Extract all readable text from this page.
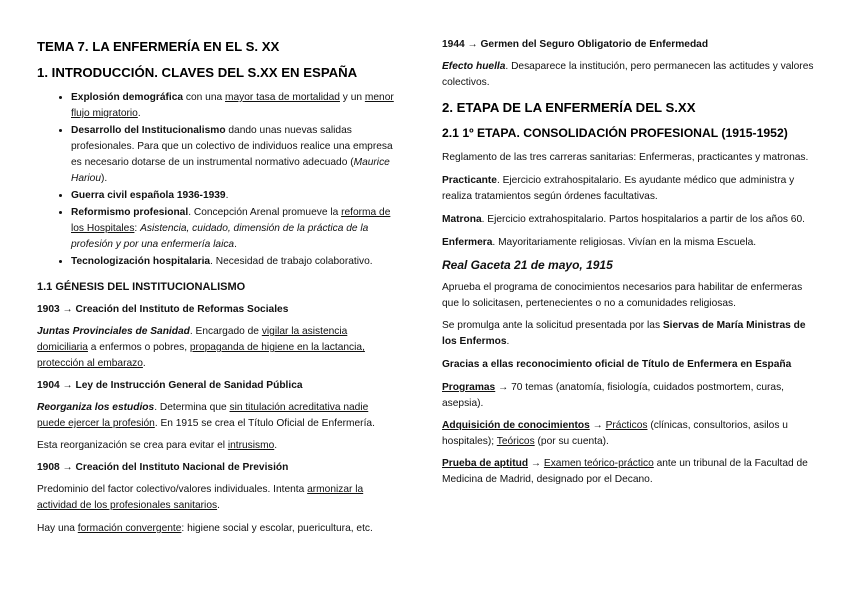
TEMA 7. LA ENFERMERÍA EN EL S. XX
1. INTRODUCCIÓN. CLAVES DEL S.XX EN ESPAÑA
• Explosión demográfica con una mayor tasa de mortalidad y un menor flujo migratorio.
• Desarrollo del Institucionalismo dando unas nuevas salidas profesionales. Para que un colectivo de individuos realice una empresa es necesario dotarse de un instrumental normativo adecuado (Maurice Hariou).
• Guerra civil española 1936-1939.
• Reformismo profesional. Concepción Arenal promueve la reforma de los Hospitales: Asistencia, cuidado, dimensión de la práctica de la profesión y por una enfermería laica.
• Tecnologización hospitalaria. Necesidad de trabajo colaborativo.
1.1 GÉNESIS DEL INSTITUCIONALISMO
1903 → Creación del Instituto de Reformas Sociales

Juntas Provinciales de Sanidad. Encargado de vigilar la asistencia domiciliaria a enfermos o pobres, propaganda de higiene en la lactancia, protección al embarazo.

1904 → Ley de Instrucción General de Sanidad Pública

Reorganiza los estudios. Determina que sin titulación acreditativa nadie puede ejercer la profesión. En 1915 se crea el Título Oficial de Enfermería.

Esta reorganización se crea para evitar el intrusismo.

1908 → Creación del Instituto Nacional de Previsión

Predominio del factor colectivo/valores individuales. Intenta armonizar la actividad de los profesionales sanitarios.

Hay una formación convergente: higiene social y escolar, puericultura, etc.

1944 → Germen del Seguro Obligatorio de Enfermedad

Efecto huella. Desaparece la institución, pero permanecen las actitudes y valores colectivos.

2. ETAPA DE LA ENFERMERÍA DEL S.XX
2.1 1º ETAPA. CONSOLIDACIÓN PROFESIONAL (1915-1952)

Reglamento de las tres carreras sanitarias: Enfermeras, practicantes y matronas.

Practicante. Ejercicio extrahospitalario. Es ayudante médico que administra y realiza tratamientos según órdenes facultativas.

Matrona. Ejercicio extrahospitalario. Partos hospitalarios a partir de los años 60.

Enfermera. Mayoritariamente religiosas. Vivían en la misma Escuela.

Real Gaceta 21 de mayo, 1915

Aprueba el programa de conocimientos necesarios para habilitar de enfermeras que lo solicitasen, pertenecientes o no a comunidades religiosas.

Se promulga ante la solicitud presentada por las Siervas de María Ministras de los Enfermos.

Gracias a ellas reconocimiento oficial de Título de Enfermera en España

Programas → 70 temas (anatomía, fisiología, cuidados postmortem, curas, asepsia).

Adquisición de conocimientos → Prácticos (clínicas, consultorios, asilos u hospitales); Teóricos (por su cuenta).

Prueba de aptitud → Examen teórico-práctico ante un tribunal de la Facultad de Medicina de Madrid, designado por el Decano.
